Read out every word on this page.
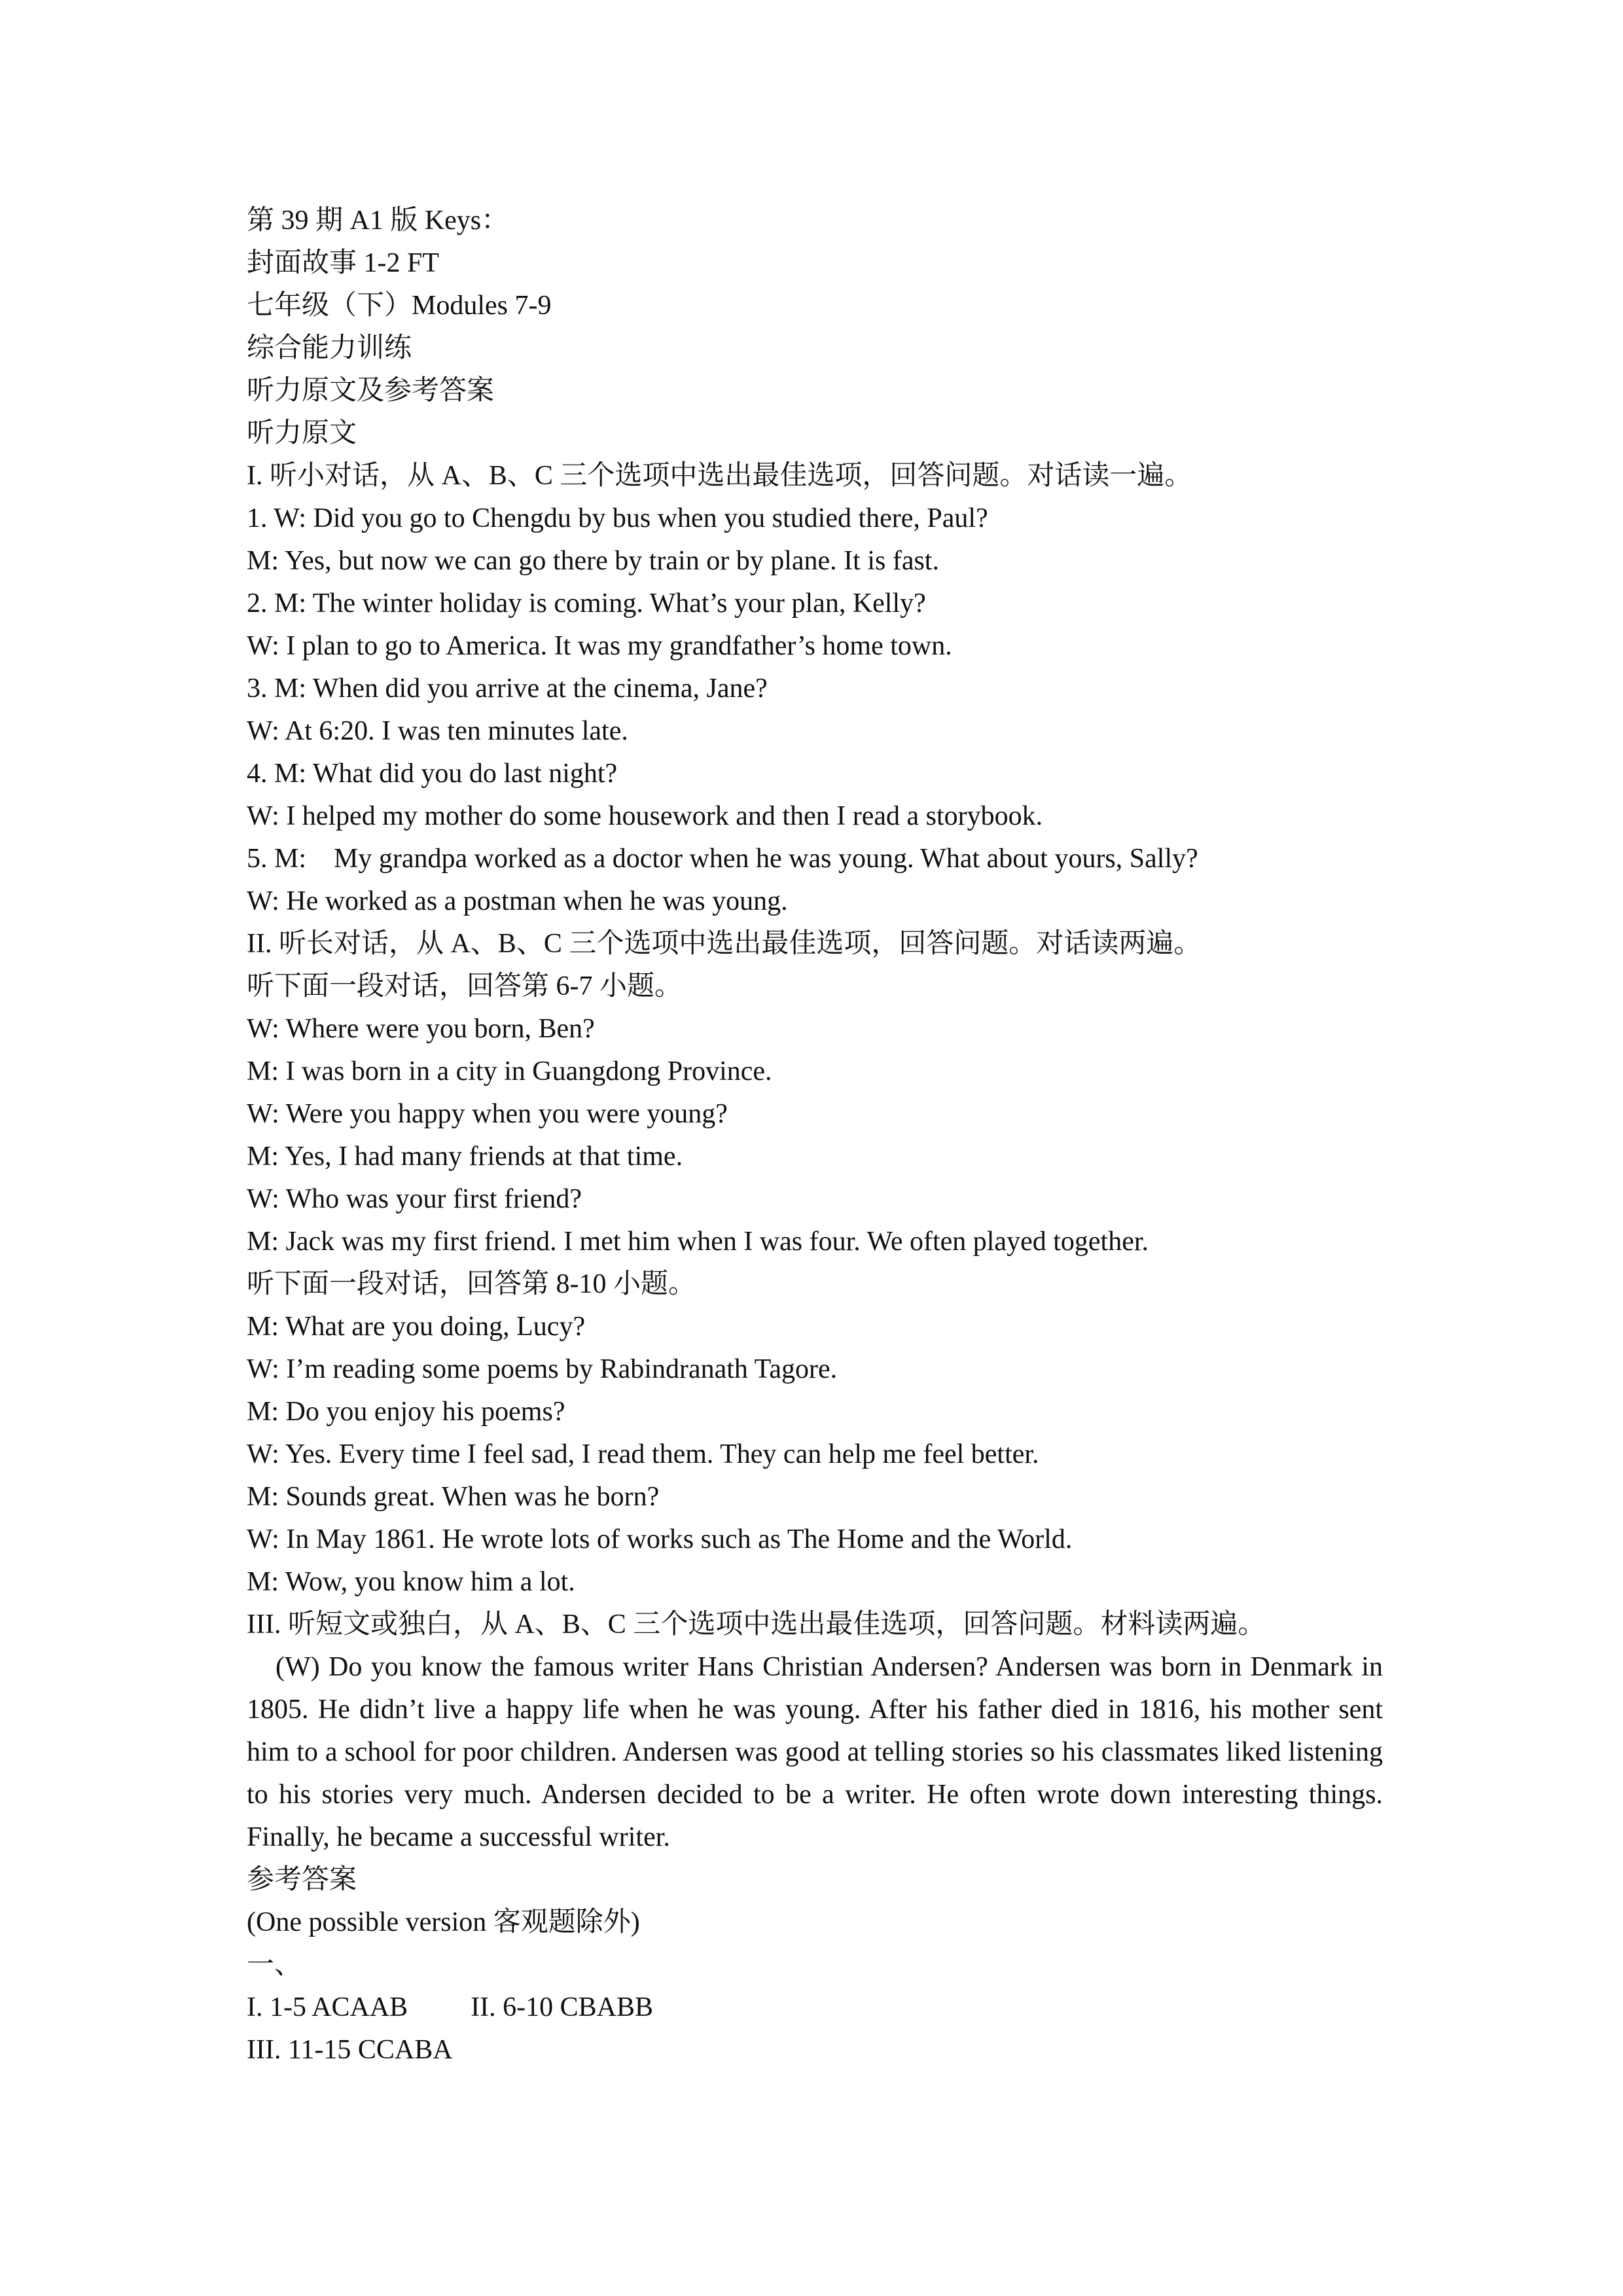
第 39 期 A1 版 Keys：
封面故事 1-2 FT
七年级（下）Modules 7-9
综合能力训练
听力原文及参考答案
听力原文
I. 听小对话，从 A、B、C 三个选项中选出最佳选项，回答问题。对话读一遍。
1. W: Did you go to Chengdu by bus when you studied there, Paul?
M: Yes, but now we can go there by train or by plane. It is fast.
2. M: The winter holiday is coming. What’s your plan, Kelly?
W: I plan to go to America. It was my grandfather’s home town.
3. M: When did you arrive at the cinema, Jane?
W: At 6:20. I was ten minutes late.
4. M: What did you do last night?
W: I helped my mother do some housework and then I read a storybook.
5. M:    My grandpa worked as a doctor when he was young. What about yours, Sally?
W: He worked as a postman when he was young.
II. 听长对话，从 A、B、C 三个选项中选出最佳选项，回答问题。对话读两遍。
听下面一段对话，回答第 6-7 小题。
W: Where were you born, Ben?
M: I was born in a city in Guangdong Province.
W: Were you happy when you were young?
M: Yes, I had many friends at that time.
W: Who was your first friend?
M: Jack was my first friend. I met him when I was four. We often played together.
听下面一段对话，回答第 8-10 小题。
M: What are you doing, Lucy?
W: I’m reading some poems by Rabindranath Tagore.
M: Do you enjoy his poems?
W: Yes. Every time I feel sad, I read them. They can help me feel better.
M: Sounds great. When was he born?
W: In May 1861. He wrote lots of works such as The Home and the World.
M: Wow, you know him a lot.
III. 听短文或独白，从 A、B、C 三个选项中选出最佳选项，回答问题。材料读两遍。
(W) Do you know the famous writer Hans Christian Andersen? Andersen was born in Denmark in 1805. He didn’t live a happy life when he was young. After his father died in 1816, his mother sent him to a school for poor children. Andersen was good at telling stories so his classmates liked listening to his stories very much. Andersen decided to be a writer. He often wrote down interesting things. Finally, he became a successful writer.
参考答案
(One possible version 客观题除外)
一、
I. 1-5 ACAAB II. 6-10 CBABB
III. 11-15 CCABA
